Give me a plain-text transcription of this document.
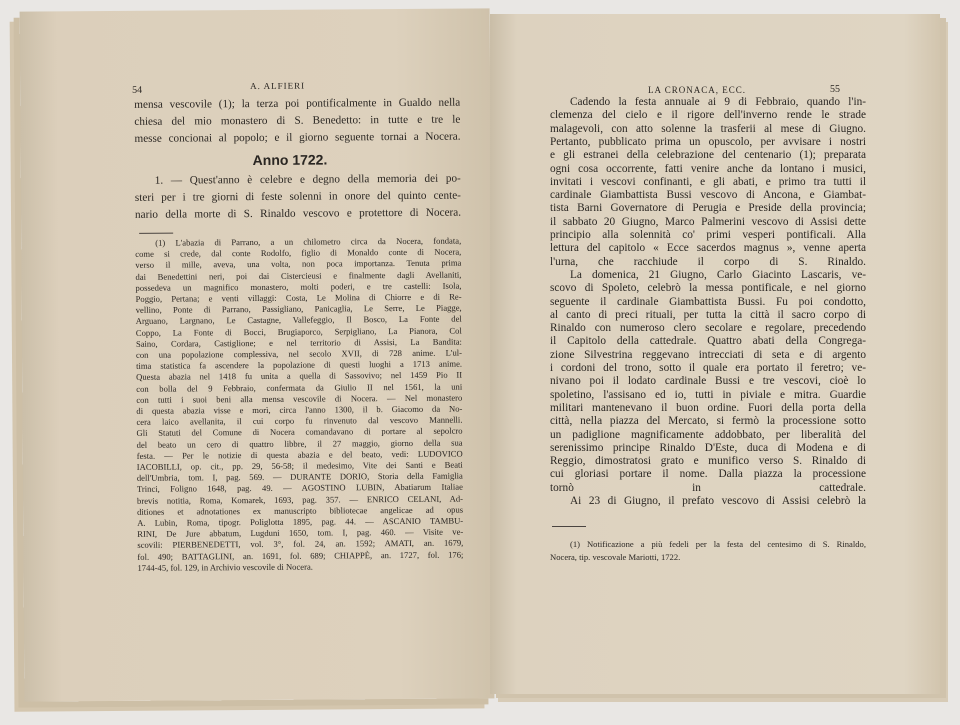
54	A. ALFIERI
mensa vescovile (1); la terza poi pontificalmente in Gualdo nella
chiesa del mio monastero di S. Benedetto: in tutte e tre le
messe concionai al popolo; e il giorno seguente tornai a Nocera.
Anno 1722.
1. — Quest'anno è celebre e degno della memoria dei po-
steri per i tre giorni di feste solenni in onore del quinto cente-
nario della morte di S. Rinaldo vescovo e protettore di Nocera.
(1) L'abazia di Parrano, a un chilometro circa da Nocera, fondata,
come si crede, dal conte Rodolfo, figlio di Monaldo conte di Nocera,
verso il mille, aveva, una volta, non poca importanza. Tenuta prima
dai Benedettini neri, poi dai Cistercieusi e finalmente dagli Avellaniti,
possedeva un magnifico monastero, molti poderi, e tre castelli: Isola,
Poggio, Pertana; e venti villaggi: Costa, Le Molina di Chiorre e di Re-
vellino, Ponte di Parrano, Passigliano, Panicaglia, Le Serre, Le Piagge,
Arguano, Largnano, Le Castagne, Vallefeggio, Il Bosco, La Fonte del
Coppo, La Fonte di Bocci, Brugiaporco, Serpigliano, La Pianora, Col
Saino, Cordara, Castiglione; e nel territorio di Assisi, La Bandita:
con una popolazione complessiva, nel secolo XVII, di 728 anime. L'ul-
tima statistica fa ascendere la popolazione di questi luoghi a 1713 anime.
Questa abazia nel 1418 fu unita a quella di Sassovivo; nel 1459 Pio II
con bolla del 9 Febbraio, confermata da Giulio II nel 1561, la uni
con tutti i suoi beni alla mensa vescovile di Nocera. — Nel monastero
di questa abazia visse e morì, circa l'anno 1300, il b. Giacomo da No-
cera laico avellanita, il cui corpo fu rinvenuto dal vescovo Mannelli.
Gli Statuti del Comune di Nocera comandavano di portare al sepolcro
del beato un cero di quattro libbre, il 27 maggio, giorno della sua
festa. — Per le notizie di questa abazia e del beato, vedi: LUDOVICO
IACOBILLI, op. cit., pp. 29, 56-58; il medesimo, Vite dei Santi e Beati
dell'Umbria, tom. I, pag. 569. — DURANTE DORIO, Storia della Famiglia
Trinci, Foligno 1648, pag. 49. — AGOSTINO LUBIN, Abatiarum Italiae
brevis notitia, Roma, Komarek, 1693, pag. 357. — ENRICO CELANI, Ad-
ditiones et adnotationes ex manuscripto bibliotecae angelicae ad opus
A. Lubin, Roma, tipogr. Poliglotta 1895, pag. 44. — ASCANIO TAMBU-
RINI, De Jure abbatum, Lugduni 1650, tom. I, pag. 460. — Visite ve-
scovili: PIERBENEDETTI, vol. 3°, fol. 24, an. 1592; AMATI, an. 1679,
fol. 490; BATTAGLINI, an. 1691, fol. 689; CHIAPPÈ, an. 1727, fol. 176;
1744-45, fol. 129, in Archivio vescovile di Nocera.
LA CRONACA, ECC.	55
Cadendo la festa annuale ai 9 di Febbraio, quando l'in-
clemenza del cielo e il rigore dell'inverno rende le strade
malagevoli, con atto solenne la trasferii al mese di Giugno.
Pertanto, pubblicato prima un opuscolo, per avvisare i nostri
e gli estranei della celebrazione del centenario (1); preparata
ogni cosa occorrente, fatti venire anche da lontano i musici,
invitati i vescovi confinanti, e gli abati, e primo tra tutti il
cardinale Giambattista Bussi vescovo di Ancona, e Giambat-
tista Barni Governatore di Perugia e Preside della provincia;
il sabbato 20 Giugno, Marco Palmerini vescovo di Assisi dette
principio alla solennità co' primi vesperi pontificali. Alla
lettura del capitolo « Ecce sacerdos magnus », venne aperta
l'urna, che racchiude il corpo di S. Rinaldo.
La domenica, 21 Giugno, Carlo Giacinto Lascaris, ve-
scovo di Spoleto, celebrò la messa pontificale, e nel giorno
seguente il cardinale Giambattista Bussi. Fu poi condotto,
al canto di preci rituali, per tutta la città il sacro corpo di
Rinaldo con numeroso clero secolare e regolare, precedendo
il Capitolo della cattedrale. Quattro abati della Congrega-
zione Silvestrina reggevano intrecciati di seta e di argento
i cordoni del trono, sotto il quale era portato il feretro; ve-
nivano poi il lodato cardinale Bussi e tre vescovi, cioè lo
spoletino, l'assisano ed io, tutti in piviale e mitra. Guardie
militari mantenevano il buon ordine. Fuori della porta della
città, nella piazza del Mercato, si fermò la processione sotto
un padiglione magnificamente addobbato, per liberalità del
serenissimo principe Rinaldo D'Este, duca di Modena e di
Reggio, dimostratosi grato e munifico verso S. Rinaldo di
cui gloriasi portare il nome. Dalla piazza la processione
tornò in cattedrale.
Ai 23 di Giugno, il prefato vescovo di Assisi celebrò la
(1) Notificazione a più fedeli per la festa del centesimo di S. Rinaldo,
Nocera, tip. vescovale Mariotti, 1722.
